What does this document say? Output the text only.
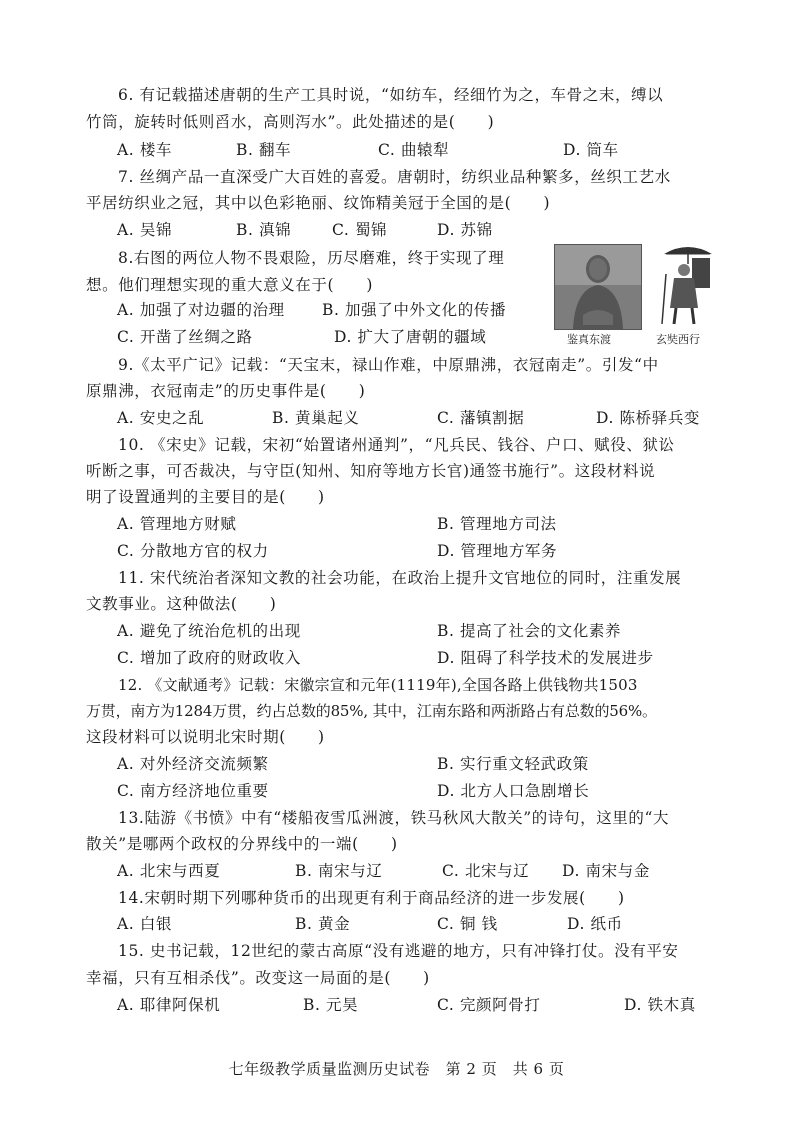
6. 有记载描述唐朝的生产工具时说，“如纺车，经细竹为之，车骨之末，缚以
竹筒，旋转时低则舀水，高则泻水”。此处描述的是(　　)
A. 楼车	B. 翻车	C. 曲辕犁	D. 筒车
7. 丝绸产品一直深受广大百姓的喜爱。唐朝时，纺织业品种繁多，丝织工艺水
平居纺织业之冠，其中以色彩艳丽、纹饰精美冠于全国的是(　　)
A. 吴锦	B. 滇锦	C. 蜀锦	D. 苏锦
8.右图的两位人物不畏艰险，历尽磨难，终于实现了理
想。他们理想实现的重大意义在于(　　)
A. 加强了对边疆的治理 B. 加强了中外文化的传播
C. 开凿了丝绸之路	D. 扩大了唐朝的疆域	鉴真东渡	玄奘西行
9.《太平广记》记载：“天宝末，禄山作难，中原鼎沸，衣冠南走”。引发“中
原鼎沸，衣冠南走”的历史事件是(　　)
A. 安史之乱	B. 黄巢起义	C. 藩镇割据	D. 陈桥驿兵变
10. 《宋史》记载，宋初“始置诸州通判”，“凡兵民、钱谷、户口、赋役、狱讼
听断之事，可否裁决，与守臣(知州、知府等地方长官)通签书施行”。这段材料说
明了设置通判的主要目的是(　　)
A. 管理地方财赋	B. 管理地方司法
C. 分散地方官的权力	D. 管理地方军务
11. 宋代统治者深知文教的社会功能，在政治上提升文官地位的同时，注重发展
文教事业。这种做法(　　)
A. 避免了统治危机的出现	B. 提高了社会的文化素养
C. 增加了政府的财政收入	D. 阻碍了科学技术的发展进步
12. 《文献通考》记载：宋徽宗宣和元年(1119年),全国各路上供钱物共1503
万贯，南方为1284万贯，约占总数的85%, 其中，江南东路和两浙路占有总数的56%。
这段材料可以说明北宋时期(　　)
A. 对外经济交流频繁	B. 实行重文轻武政策
C. 南方经济地位重要	D. 北方人口急剧增长
13.陆游《书愤》中有“楼船夜雪瓜洲渡，铁马秋风大散关”的诗句，这里的“大
散关”是哪两个政权的分界线中的一端(　　)
A. 北宋与西夏	B. 南宋与辽	C. 北宋与辽 D. 南宋与金
14.宋朝时期下列哪种货币的出现更有利于商品经济的进一步发展(　　)
A. 白银	B. 黄金	C. 铜 钱	D. 纸币
15. 史书记载，12世纪的蒙古高原“没有逃避的地方，只有冲锋打仗。没有平安
幸福，只有互相杀伐”。改变这一局面的是(　　)
A. 耶律阿保机	B. 元昊	C. 完颜阿骨打	D. 铁木真
七年级教学质量监测历史试卷　第 2 页　共 6 页
